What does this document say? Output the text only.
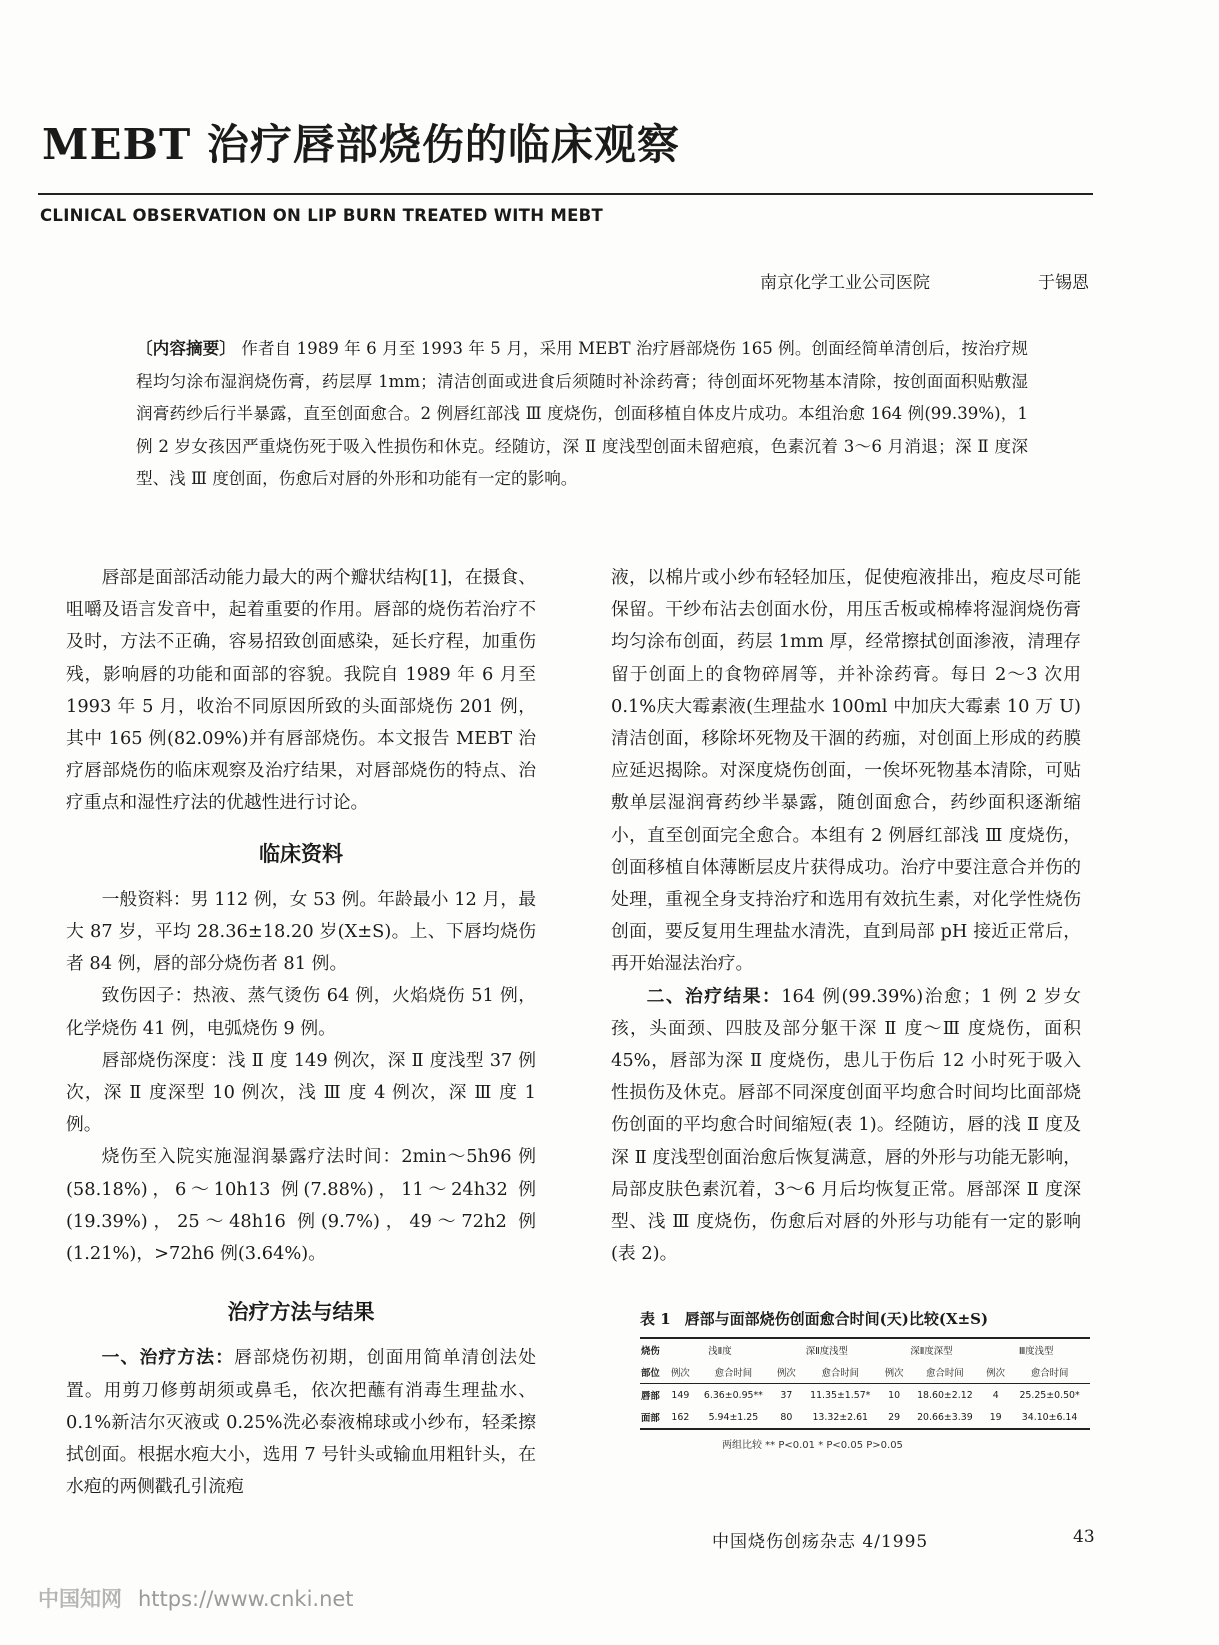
MEBT 治疗唇部烧伤的临床观察
CLINICAL OBSERVATION ON LIP BURN TREATED WITH MEBT
南京化学工业公司医院	于锡恩
〔内容摘要〕 作者自 1989 年 6 月至 1993 年 5 月，采用 MEBT 治疗唇部烧伤 165 例。创面经简单清创后，按治疗规程均匀涂布湿润烧伤膏，药层厚 1mm；清洁创面或进食后须随时补涂药膏；待创面坏死物基本清除，按创面面积贴敷湿润膏药纱后行半暴露，直至创面愈合。2 例唇红部浅 Ⅲ 度烧伤，创面移植自体皮片成功。本组治愈 164 例(99.39%)，1 例 2 岁女孩因严重烧伤死于吸入性损伤和休克。经随访，深 Ⅱ 度浅型创面未留疤痕，色素沉着 3～6 月消退；深 Ⅱ 度深型、浅 Ⅲ 度创面，伤愈后对唇的外形和功能有一定的影响。

唇部是面部活动能力最大的两个瓣状结构[1]，在摄食、咀嚼及语言发音中，起着重要的作用。唇部的烧伤若治疗不及时，方法不正确，容易招致创面感染，延长疗程，加重伤残，影响唇的功能和面部的容貌。我院自 1989 年 6 月至 1993 年 5 月，收治不同原因所致的头面部烧伤 201 例，其中 165 例(82.09%)并有唇部烧伤。本文报告 MEBT 治疗唇部烧伤的临床观察及治疗结果，对唇部烧伤的特点、治疗重点和湿性疗法的优越性进行讨论。

临床资料

一般资料：男 112 例，女 53 例。年龄最小 12 月，最大 87 岁，平均 28.36±18.20 岁(X±S)。上、下唇均烧伤者 84 例，唇的部分烧伤者 81 例。

致伤因子：热液、蒸气烫伤 64 例，火焰烧伤 51 例，化学烧伤 41 例，电弧烧伤 9 例。

唇部烧伤深度：浅 Ⅱ 度 149 例次，深 Ⅱ 度浅型 37 例次，深 Ⅱ 度深型 10 例次，浅 Ⅲ 度 4 例次，深 Ⅲ 度 1 例。

烧伤至入院实施湿润暴露疗法时间：2min～5h96 例(58.18%)，6～10h13 例(7.88%)，11～24h32 例(19.39%)，25～48h16 例(9.7%)，49～72h2 例(1.21%)，>72h6 例(3.64%)。

治疗方法与结果

一、治疗方法：唇部烧伤初期，创面用简单清创法处置。用剪刀修剪胡须或鼻毛，依次把蘸有消毒生理盐水、0.1%新洁尔灭液或 0.25%洗必泰液棉球或小纱布，轻柔擦拭创面。根据水疱大小，选用 7 号针头或输血用粗针头，在水疱的两侧戳孔引流疱

液，以棉片或小纱布轻轻加压，促使疱液排出，疱皮尽可能保留。干纱布沾去创面水份，用压舌板或棉棒将湿润烧伤膏均匀涂布创面，药层 1mm 厚，经常擦拭创面渗液，清理存留于创面上的食物碎屑等，并补涂药膏。每日 2～3 次用 0.1%庆大霉素液(生理盐水 100ml 中加庆大霉素 10 万 U)清洁创面，移除坏死物及干涸的药痂，对创面上形成的药膜应延迟揭除。对深度烧伤创面，一俟坏死物基本清除，可贴敷单层湿润膏药纱半暴露，随创面愈合，药纱面积逐渐缩小，直至创面完全愈合。本组有 2 例唇红部浅 Ⅲ 度烧伤，创面移植自体薄断层皮片获得成功。治疗中要注意合并伤的处理，重视全身支持治疗和选用有效抗生素，对化学性烧伤创面，要反复用生理盐水清洗，直到局部 pH 接近正常后，再开始湿法治疗。

二、治疗结果：164 例(99.39%)治愈；1 例 2 岁女孩，头面颈、四肢及部分躯干深 Ⅱ 度～Ⅲ 度烧伤，面积 45%，唇部为深 Ⅱ 度烧伤，患儿于伤后 12 小时死于吸入性损伤及休克。唇部不同深度创面平均愈合时间均比面部烧伤创面的平均愈合时间缩短(表 1)。经随访，唇的浅 Ⅱ 度及深 Ⅱ 度浅型创面治愈后恢复满意，唇的外形与功能无影响，局部皮肤色素沉着，3～6 月后均恢复正常。唇部深 Ⅱ 度深型、浅 Ⅲ 度烧伤，伤愈后对唇的外形与功能有一定的影响(表 2)。

表 1 唇部与面部烧伤创面愈合时间(天)比较(X±S)
烧伤	浅Ⅱ度		深Ⅱ度浅型		深Ⅱ度深型		Ⅲ度浅型	
部位	例次	愈合时间	例次	愈合时间	例次	愈合时间	例次	愈合时间
唇部	149	6.36±0.95**	37	11.35±1.57*	10	18.60±2.12	4	25.25±0.50*
面部	162	5.94±1.25	80	13.32±2.61	29	20.66±3.39	19	34.10±6.14
两组比较 ** P<0.01 * P<0.05 P>0.05
中国烧伤创疡杂志 4/1995	43
中国知网 https://www.cnki.net
